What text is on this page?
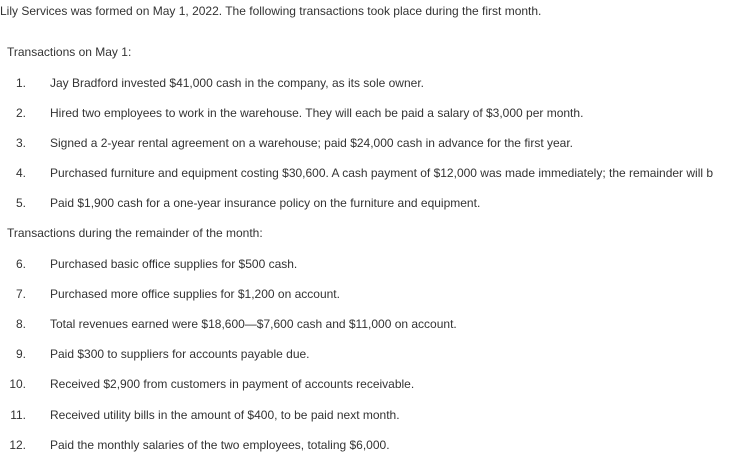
Lily Services was formed on May 1, 2022. The following transactions took place during the first month.
Transactions on May 1:
1. Jay Bradford invested $41,000 cash in the company, as its sole owner.
2. Hired two employees to work in the warehouse. They will each be paid a salary of $3,000 per month.
3. Signed a 2-year rental agreement on a warehouse; paid $24,000 cash in advance for the first year.
4. Purchased furniture and equipment costing $30,600. A cash payment of $12,000 was made immediately; the remainder will b
5. Paid $1,900 cash for a one-year insurance policy on the furniture and equipment.
Transactions during the remainder of the month:
6. Purchased basic office supplies for $500 cash.
7. Purchased more office supplies for $1,200 on account.
8. Total revenues earned were $18,600—$7,600 cash and $11,000 on account.
9. Paid $300 to suppliers for accounts payable due.
10. Received $2,900 from customers in payment of accounts receivable.
11. Received utility bills in the amount of $400, to be paid next month.
12. Paid the monthly salaries of the two employees, totaling $6,000.
